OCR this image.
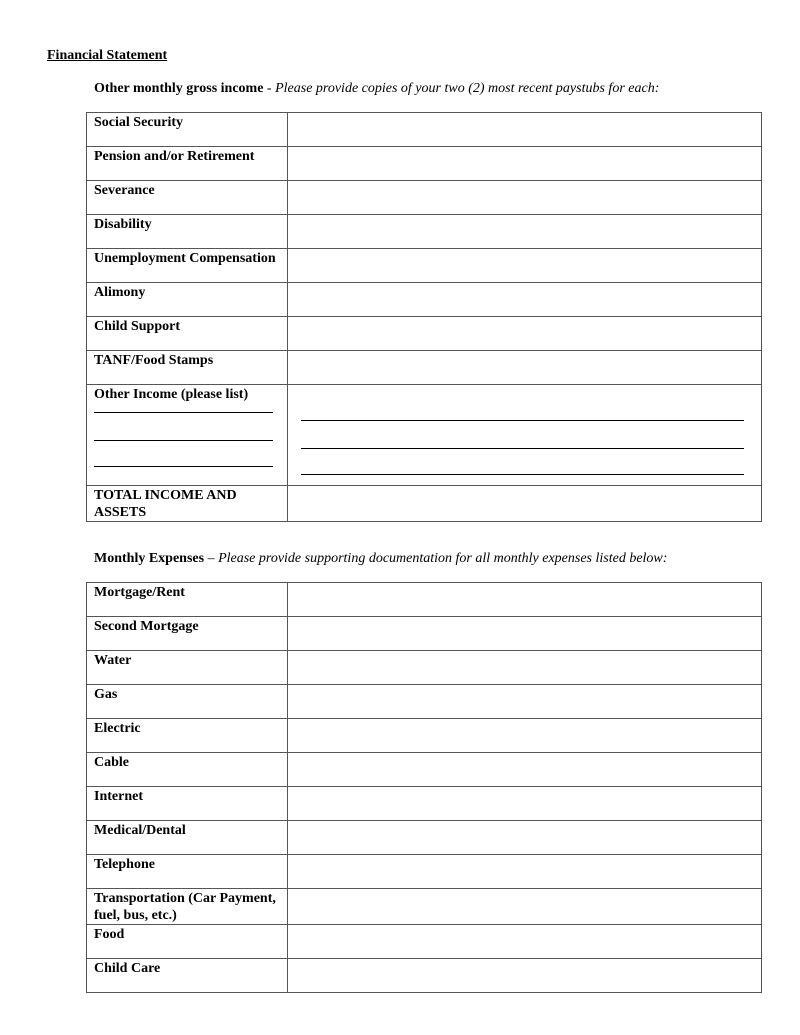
Financial Statement
Other monthly gross income - Please provide copies of your two (2) most recent paystubs for each:
Social Security	
Pension and/or Retirement	
Severance	
Disability	
Unemployment Compensation	
Alimony	
Child Support	
TANF/Food Stamps	

Other Income (please list)	

TOTAL INCOME AND ASSETS	
Monthly Expenses – Please provide supporting documentation for all monthly expenses listed below:
Mortgage/Rent	
Second Mortgage	
Water	
Gas	
Electric	
Cable	
Internet	
Medical/Dental	
Telephone	
Transportation (Car Payment, fuel, bus, etc.)	
Food	
Child Care	
